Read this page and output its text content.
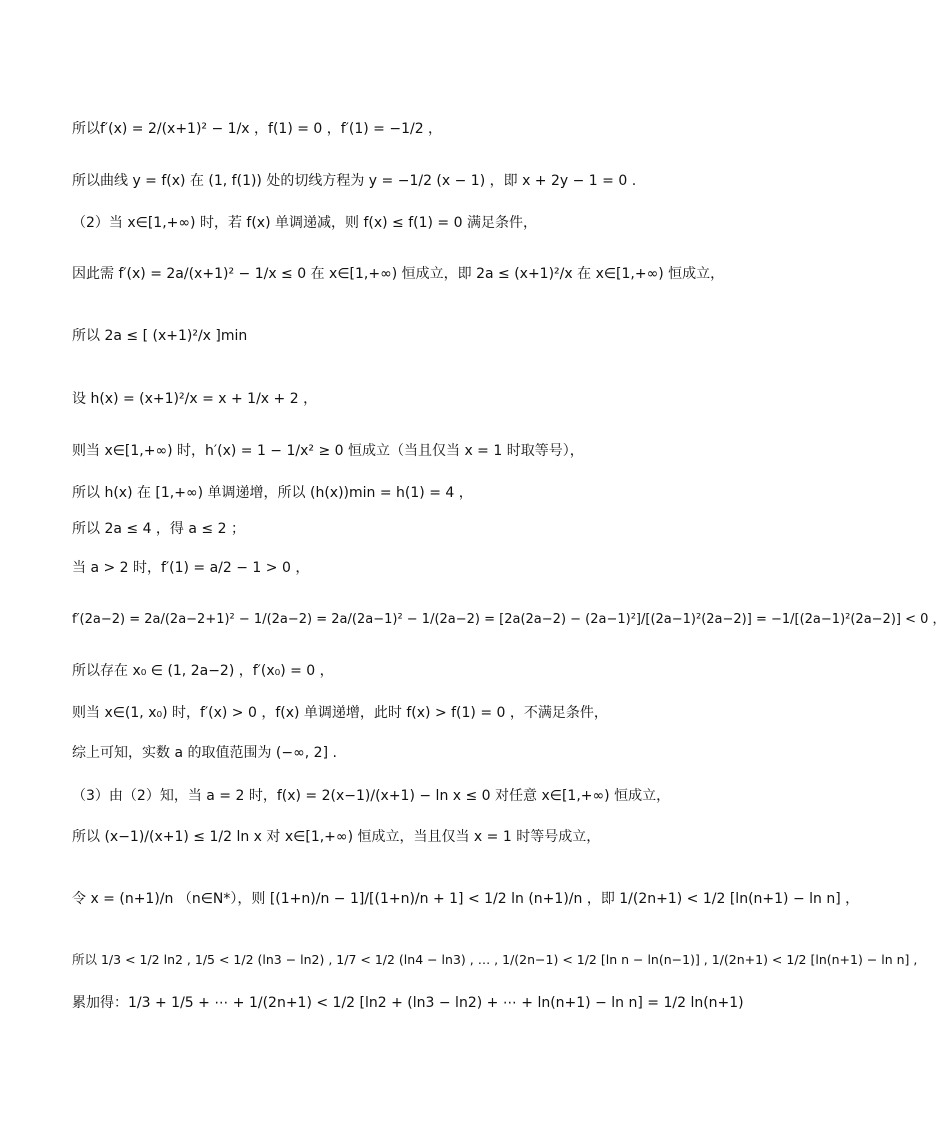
所以f′(x) = 2/(x+1)² − 1/x ，f(1) = 0 ，f′(1) = −1/2 ，
所以曲线 y = f(x) 在 (1, f(1)) 处的切线方程为 y = −1/2 (x − 1) ，即 x + 2y − 1 = 0 .
（2）当 x∈[1,+∞) 时，若 f(x) 单调递减，则 f(x) ≤ f(1) = 0 满足条件，
因此需 f′(x) = 2a/(x+1)² − 1/x ≤ 0 在 x∈[1,+∞) 恒成立，即 2a ≤ (x+1)²/x 在 x∈[1,+∞) 恒成立，
所以 2a ≤ [ (x+1)²/x ]min
设 h(x) = (x+1)²/x = x + 1/x + 2 ，
则当 x∈[1,+∞) 时，h′(x) = 1 − 1/x² ≥ 0 恒成立（当且仅当 x = 1 时取等号），
所以 h(x) 在 [1,+∞) 单调递增，所以 (h(x))min = h(1) = 4 ，
所以 2a ≤ 4 ，得 a ≤ 2 ；
当 a > 2 时，f′(1) = a/2 − 1 > 0 ，
f′(2a−2) = 2a/(2a−2+1)² − 1/(2a−2) = 2a/(2a−1)² − 1/(2a−2) = [2a(2a−2) − (2a−1)²]/[(2a−1)²(2a−2)] = −1/[(2a−1)²(2a−2)] < 0 ，
所以存在 x₀ ∈ (1, 2a−2) ，f′(x₀) = 0 ，
则当 x∈(1, x₀) 时，f′(x) > 0 ，f(x) 单调递增，此时 f(x) > f(1) = 0 ，不满足条件，
综上可知，实数 a 的取值范围为 (−∞, 2] .
（3）由（2）知，当 a = 2 时，f(x) = 2(x−1)/(x+1) − ln x ≤ 0 对任意 x∈[1,+∞) 恒成立，
所以 (x−1)/(x+1) ≤ 1/2 ln x 对 x∈[1,+∞) 恒成立，当且仅当 x = 1 时等号成立，
令 x = (n+1)/n （n∈N*），则 [(1+n)/n − 1]/[(1+n)/n + 1] < 1/2 ln (n+1)/n ，即 1/(2n+1) < 1/2 [ln(n+1) − ln n] ，
所以 1/3 < 1/2 ln2 , 1/5 < 1/2 (ln3 − ln2) , 1/7 < 1/2 (ln4 − ln3) , … , 1/(2n−1) < 1/2 [ln n − ln(n−1)] , 1/(2n+1) < 1/2 [ln(n+1) − ln n] ,
累加得：1/3 + 1/5 + ⋯ + 1/(2n+1) < 1/2 [ln2 + (ln3 − ln2) + ⋯ + ln(n+1) − ln n] = 1/2 ln(n+1)
